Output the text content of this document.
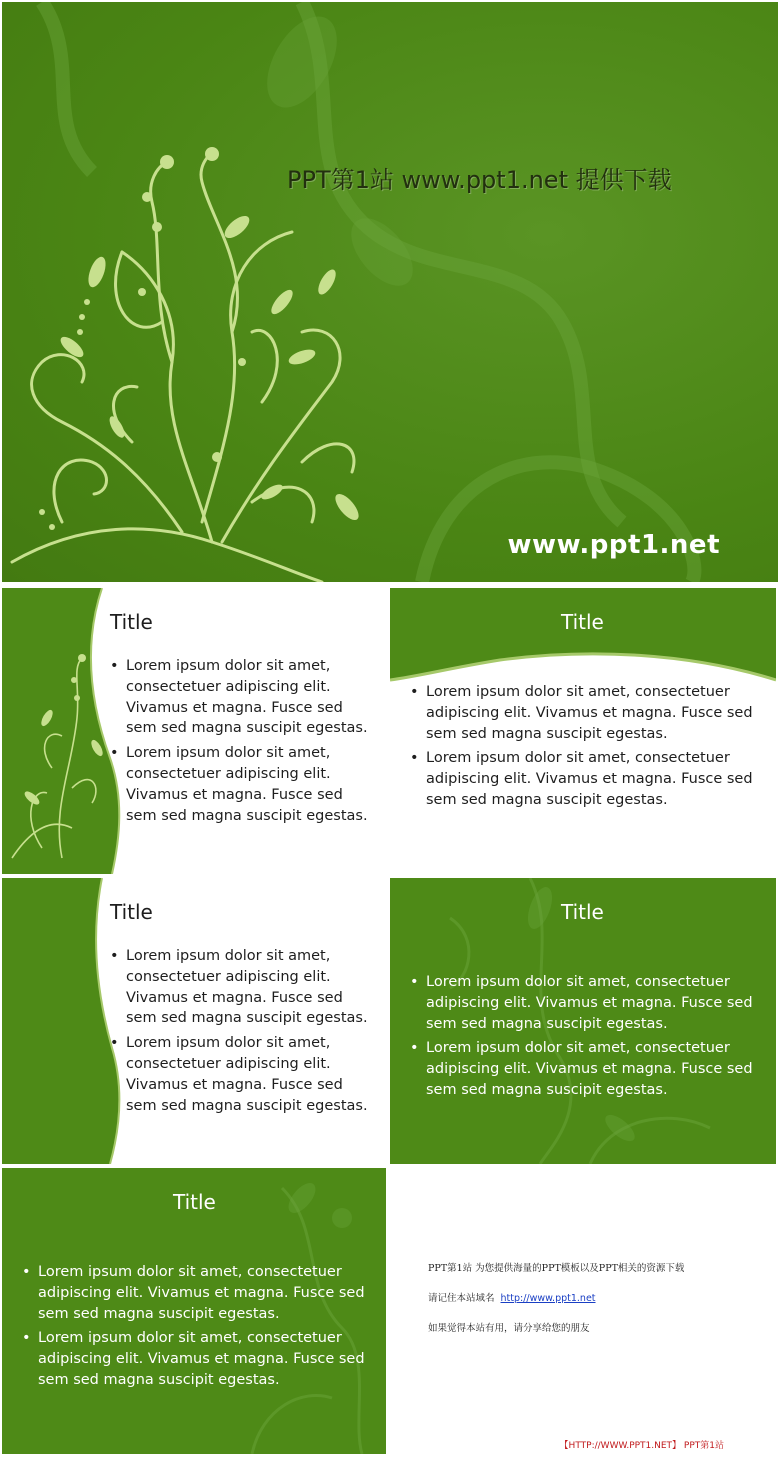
PPT第1站 www.ppt1.net 提供下载
www.ppt1.net
Title
• Lorem ipsum dolor sit amet, consectetuer adipiscing elit. Vivamus et magna. Fusce sed sem sed magna suscipit egestas.
• Lorem ipsum dolor sit amet, consectetuer adipiscing elit. Vivamus et magna. Fusce sed sem sed magna suscipit egestas.
Title
• Lorem ipsum dolor sit amet, consectetuer adipiscing elit. Vivamus et magna. Fusce sed sem sed magna suscipit egestas.
• Lorem ipsum dolor sit amet, consectetuer adipiscing elit. Vivamus et magna. Fusce sed sem sed magna suscipit egestas.
Title
• Lorem ipsum dolor sit amet, consectetuer adipiscing elit. Vivamus et magna. Fusce sed sem sed magna suscipit egestas.
• Lorem ipsum dolor sit amet, consectetuer adipiscing elit. Vivamus et magna. Fusce sed sem sed magna suscipit egestas.
Title
• Lorem ipsum dolor sit amet, consectetuer adipiscing elit. Vivamus et magna. Fusce sed sem sed magna suscipit egestas.
• Lorem ipsum dolor sit amet, consectetuer adipiscing elit. Vivamus et magna. Fusce sed sem sed magna suscipit egestas.
Title
• Lorem ipsum dolor sit amet, consectetuer adipiscing elit. Vivamus et magna. Fusce sed sem sed magna suscipit egestas.
• Lorem ipsum dolor sit amet, consectetuer adipiscing elit. Vivamus et magna. Fusce sed sem sed magna suscipit egestas.

PPT第1站 为您提供海量的PPT模板以及PPT相关的资源下载

请记住本站域名 http://www.ppt1.net

如果觉得本站有用，请分享给您的朋友

【HTTP://WWW.PPT1.NET】 PPT第1站
